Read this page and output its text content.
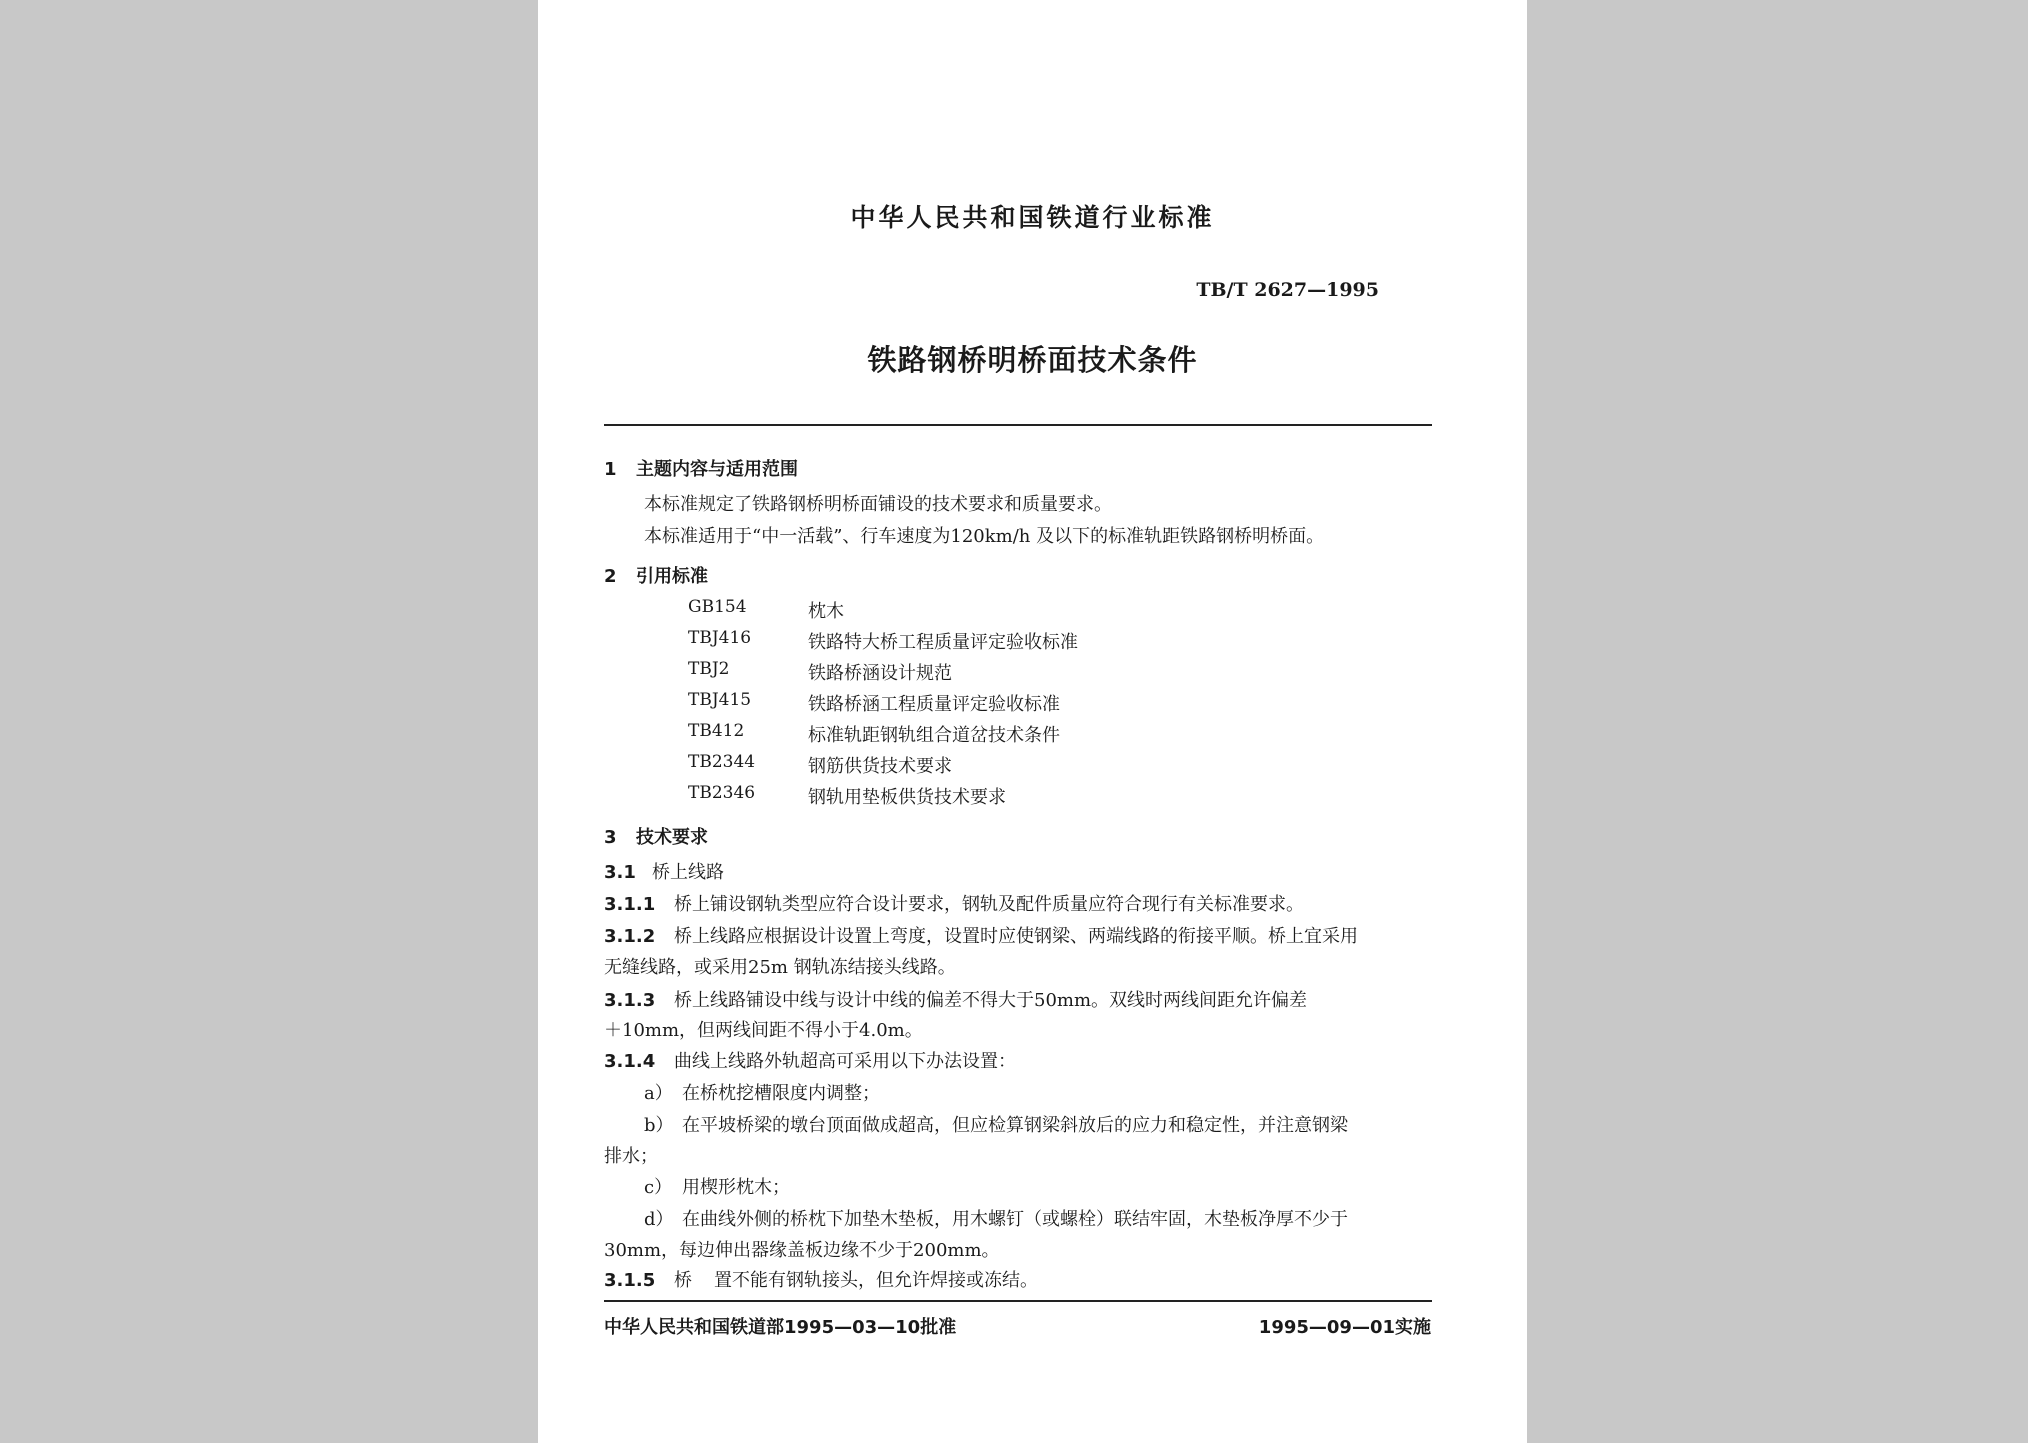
中华人民共和国铁道行业标准
TB/T 2627—1995
铁路钢桥明桥面技术条件
1 主题内容与适用范围
本标准规定了铁路钢桥明桥面铺设的技术要求和质量要求。
本标准适用于“中一活载”、行车速度为120km/h 及以下的标准轨距铁路钢桥明桥面。
2 引用标准
GB154	枕木
TBJ416	铁路特大桥工程质量评定验收标准
TBJ2	铁路桥涵设计规范
TBJ415	铁路桥涵工程质量评定验收标准
TB412	标准轨距钢轨组合道岔技术条件
TB2344	钢筋供货技术要求
TB2346	钢轨用垫板供货技术要求
3 技术要求
3.1 桥上线路
3.1.1 桥上铺设钢轨类型应符合设计要求，钢轨及配件质量应符合现行有关标准要求。
3.1.2 桥上线路应根据设计设置上弯度，设置时应使钢梁、两端线路的衔接平顺。桥上宜采用
无缝线路，或采用25m 钢轨冻结接头线路。
3.1.3 桥上线路铺设中线与设计中线的偏差不得大于50mm。双线时两线间距允许偏差
＋10mm，但两线间距不得小于4.0m。
3.1.4 曲线上线路外轨超高可采用以下办法设置：
a） 在桥枕挖槽限度内调整；
b） 在平坡桥梁的墩台顶面做成超高，但应检算钢梁斜放后的应力和稳定性，并注意钢梁
排水；
c） 用楔形枕木；
d） 在曲线外侧的桥枕下加垫木垫板，用木螺钉（或螺栓）联结牢固，木垫板净厚不少于
30mm，每边伸出器缘盖板边缘不少于200mm。
3.1.5 桥 置不能有钢轨接头，但允许焊接或冻结。
中华人民共和国铁道部1995—03—10批准	1995—09—01实施
